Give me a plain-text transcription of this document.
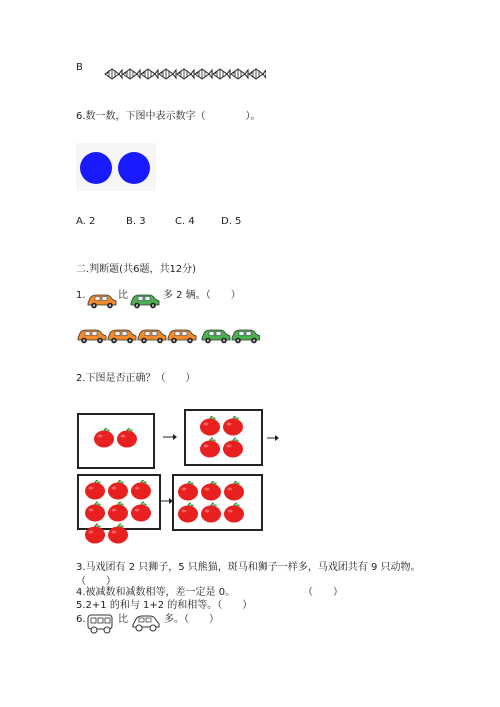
B
6.数一数，下图中表示数字（　　　　）。
A. 2	B. 3	C. 4	D. 5
二.判断题(共6题，共12分)
1.	比	多 2 辆。（　　）
2.下图是否正确？（　　）
3.马戏团有 2 只狮子，5 只熊猫，斑马和狮子一样多，马戏团共有 9 只动物。
（　　）
4.被减数和减数相等，差一定是 0。	（　　）
5.2+1 的和与 1+2 的和相等。（　　）
6.	比	多。（　　）
